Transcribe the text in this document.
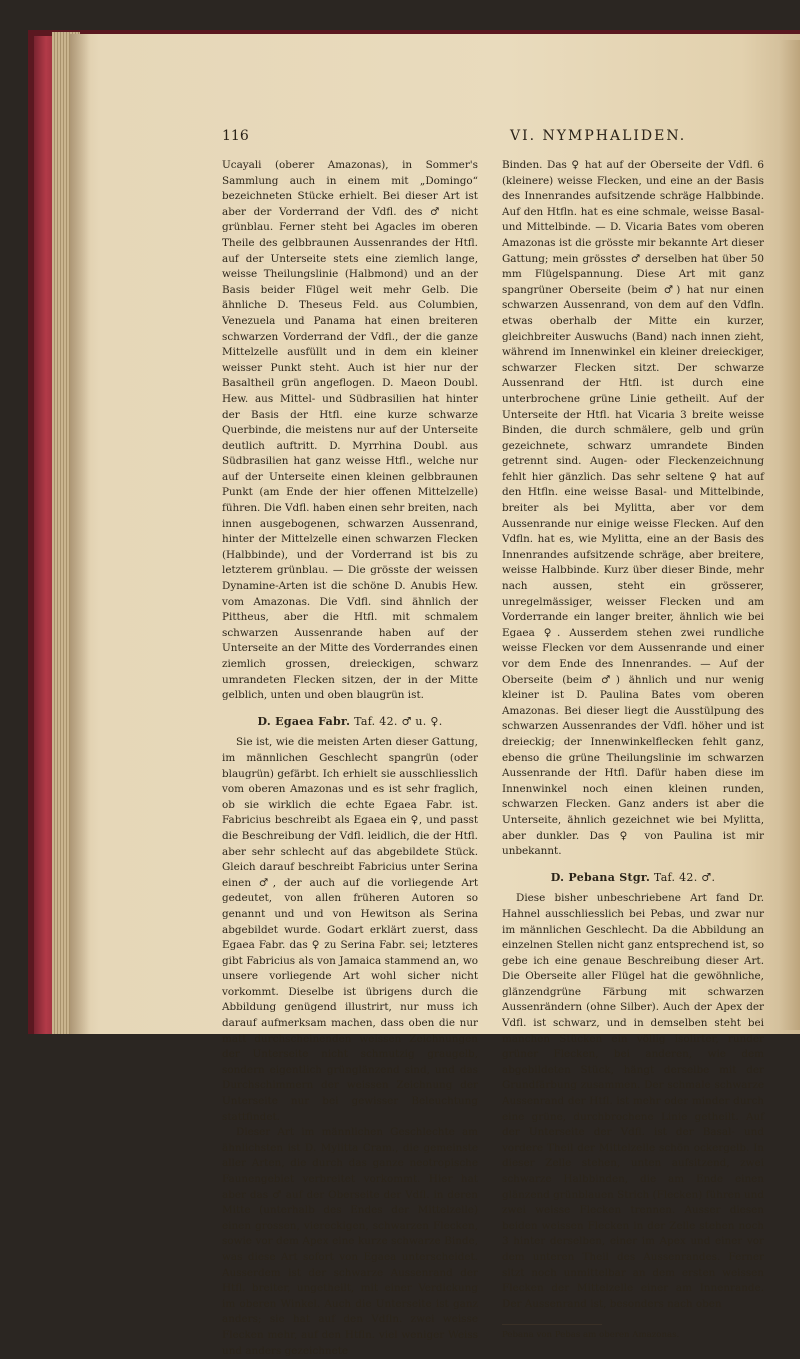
116	VI. NYMPHALIDEN.

Ucayali (oberer Amazonas), in Sommer's Sammlung auch in einem mit „Domingo“ bezeichneten Stücke erhielt. Bei dieser Art ist aber der Vorderrand der Vdfl. des ♂ nicht grünblau. Ferner steht bei Agacles im oberen Theile des gelbbraunen Aussenrandes der Htfl. auf der Unterseite stets eine ziemlich lange, weisse Theilungslinie (Halbmond) und an der Basis beider Flügel weit mehr Gelb. Die ähnliche D. Theseus Feld. aus Columbien, Venezuela und Panama hat einen breiteren schwarzen Vorderrand der Vdfl., der die ganze Mittelzelle ausfüllt und in dem ein kleiner weisser Punkt steht. Auch ist hier nur der Basaltheil grün angeflogen. D. Maeon Doubl. Hew. aus Mittel- und Südbrasilien hat hinter der Basis der Htfl. eine kurze schwarze Querbinde, die meistens nur auf der Unterseite deutlich auftritt. D. Myrrhina Doubl. aus Südbrasilien hat ganz weisse Htfl., welche nur auf der Unterseite einen kleinen gelbbraunen Punkt (am Ende der hier offenen Mittelzelle) führen. Die Vdfl. haben einen sehr breiten, nach innen ausgebogenen, schwarzen Aussenrand, hinter der Mittelzelle einen schwarzen Flecken (Halbbinde), und der Vorderrand ist bis zu letzterem grünblau. — Die grösste der weissen Dynamine-Arten ist die schöne D. Anubis Hew. vom Amazonas. Die Vdfl. sind ähnlich der Pittheus, aber die Htfl. mit schmalem schwarzen Aussenrande haben auf der Unterseite an der Mitte des Vorderrandes einen ziemlich grossen, dreieckigen, schwarz umrandeten Flecken sitzen, der in der Mitte gelblich, unten und oben blaugrün ist.

D. Egaea Fabr. Taf. 42. ♂ u. ♀.

Sie ist, wie die meisten Arten dieser Gattung, im männlichen Geschlecht spangrün (oder blaugrün) gefärbt. Ich erhielt sie ausschliesslich vom oberen Amazonas und es ist sehr fraglich, ob sie wirklich die echte Egaea Fabr. ist. Fabricius beschreibt als Egaea ein ♀, und passt die Beschreibung der Vdfl. leidlich, die der Htfl. aber sehr schlecht auf das abgebildete Stück. Gleich darauf beschreibt Fabricius unter Serina einen ♂, der auch auf die vorliegende Art gedeutet, von allen früheren Autoren so genannt und und von Hewitson als Serina abgebildet wurde. Godart erklärt zuerst, dass Egaea Fabr. das ♀ zu Serina Fabr. sei; letzteres gibt Fabricius als von Jamaica stammend an, wo unsere vorliegende Art wohl sicher nicht vorkommt. Dieselbe ist übrigens durch die Abbildung genügend illustrirt, nur muss ich darauf aufmerksam machen, dass oben die nur matt durchscheinenden weissen Zeichnungen der Unterseite nicht schmutzig graugelb, sondern eigentlich grünglänzend sind, und das Durchschimmern der weissen Zeichnung der Unterseite nur bei gewisser Beleuchtung stattfindet.

Dieser Art im männlichen Geschlechte am ähnlichsten ist D. Mylitta Cram., die gemeinste aller Arten, die durch das ganze neotropische Faunengebiet verbreitet vorkommt. Hier hat aber das ♂ auf der Oberseite der Vdfl. in deren Mitte (unterhalb des Endes der Mittelzelle) einen grossen, viereckigen, schwarzen Flecken, sowie vor dem Apex eine kurze schwarze Binde, was diese Art sofort von Egaea unterscheidet. Ausserdem ist der schwarze Aussenrand der Htfl. breiter, ungetheilt, mit einer Verdickung im oberen Winkel. Auch die Unterseite ist ganz anders; sie hat auf den Vdfln. zwei weisse Flecken mehr, auf den Htfln. viel weniger Weiss und anders gezeichnete

Binden. Das ♀ hat auf der Oberseite der Vdfl. 6 (kleinere) weisse Flecken, und eine an der Basis des Innenrandes aufsitzende schräge Halbbinde. Auf den Htfln. hat es eine schmale, weisse Basal- und Mittelbinde. — D. Vicaria Bates vom oberen Amazonas ist die grösste mir bekannte Art dieser Gattung; mein grösstes ♂ derselben hat über 50 mm Flügelspannung. Diese Art mit ganz spangrüner Oberseite (beim ♂) hat nur einen schwarzen Aussenrand, von dem auf den Vdfln. etwas oberhalb der Mitte ein kurzer, gleichbreiter Auswuchs (Band) nach innen zieht, während im Innenwinkel ein kleiner dreieckiger, schwarzer Flecken sitzt. Der schwarze Aussenrand der Htfl. ist durch eine unterbrochene grüne Linie getheilt. Auf der Unterseite der Htfl. hat Vicaria 3 breite weisse Binden, die durch schmälere, gelb und grün gezeichnete, schwarz umrandete Binden getrennt sind. Augen- oder Fleckenzeichnung fehlt hier gänzlich. Das sehr seltene ♀ hat auf den Htfln. eine weisse Basal- und Mittelbinde, breiter als bei Mylitta, aber vor dem Aussenrande nur einige weisse Flecken. Auf den Vdfln. hat es, wie Mylitta, eine an der Basis des Innenrandes aufsitzende schräge, aber breitere, weisse Halbbinde. Kurz über dieser Binde, mehr nach aussen, steht ein grösserer, unregelmässiger, weisser Flecken und am Vorderrande ein langer breiter, ähnlich wie bei Egaea ♀. Ausserdem stehen zwei rundliche weisse Flecken vor dem Aussenrande und einer vor dem Ende des Innenrandes. — Auf der Oberseite (beim ♂) ähnlich und nur wenig kleiner ist D. Paulina Bates vom oberen Amazonas. Bei dieser liegt die Ausstülpung des schwarzen Aussenrandes der Vdfl. höher und ist dreieckig; der Innenwinkelflecken fehlt ganz, ebenso die grüne Theilungslinie im schwarzen Aussenrande der Htfl. Dafür haben diese im Innenwinkel noch einen kleinen runden, schwarzen Flecken. Ganz anders ist aber die Unterseite, ähnlich gezeichnet wie bei Mylitta, aber dunkler. Das ♀ von Paulina ist mir unbekannt.

D. Pebana Stgr. Taf. 42. ♂.

Diese bisher unbeschriebene Art fand Dr. Hahnel ausschliesslich bei Pebas, und zwar nur im männlichen Geschlecht. Da die Abbildung an einzelnen Stellen nicht ganz entsprechend ist, so gebe ich eine genaue Beschreibung dieser Art. Die Oberseite aller Flügel hat die gewöhnliche, glänzendgrüne Färbung mit schwarzen Aussenrändern (ohne Silber). Auch der Apex der Vdfl. ist schwarz, und in demselben steht bei manchen Stücken ein völlig isolirter, runder grüner Flecken, bei anderen, wie dem abgebildeten Stück, hängt derselbe mit der Grundfärbung zusammen. Der schmale schwarze Aussenrand der Htfl. ist mehr oder minder durch eine grüne, durchbrochene Linie getheilt. Auf der Unterseite der Vdfl. ist der Basal- und vordere Theil der Mittelzelle schön ockergelb. In dieser Zelle stehen, unten aufsitzend, zwei schwarze Halbbinden, die am Ende einen glänzend grünblauen Strich (Flecken) führen und zwei weisse Flecken trennen. Ausser diesen beiden weissen Flecken in der Zelle stehen noch 3 hinter derselben, einer im Apex und einer vor dem unteren Theil des Aussenrandes. Ferner sitzt noch unmittelbar an dem ersten weissen Flecken der Mittelzelle einer am Innenrande. Der Aussenrand ist, besonders nach oben

Pebana von Pebas am oberen Amazonas.
